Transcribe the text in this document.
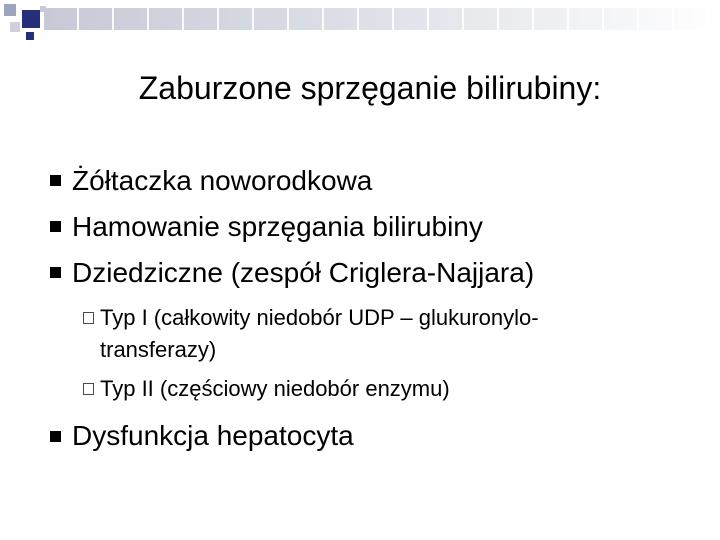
Zaburzone sprzęganie bilirubiny:
Żółtaczka noworodkowa
Hamowanie sprzęgania bilirubiny
Dziedziczne (zespół Criglera-Najjara)
Typ I (całkowity niedobór UDP – glukuronylo-
transferazy)
Typ II (częściowy niedobór enzymu)
Dysfunkcja hepatocyta
